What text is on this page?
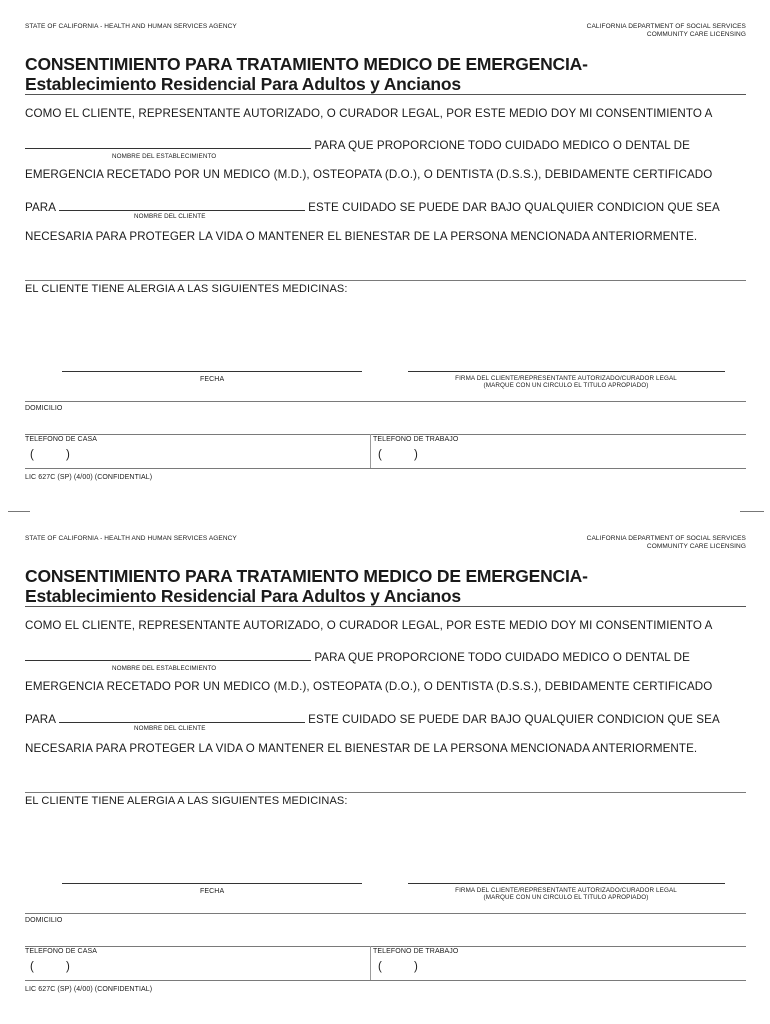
STATE OF CALIFORNIA - HEALTH AND HUMAN SERVICES AGENCY	CALIFORNIA DEPARTMENT OF SOCIAL SERVICES
COMMUNITY CARE LICENSING
CONSENTIMIENTO PARA TRATAMIENTO MEDICO DE EMERGENCIA-
Establecimiento Residencial Para Adultos y Ancianos
COMO EL CLIENTE, REPRESENTANTE AUTORIZADO, O CURADOR LEGAL, POR ESTE MEDIO DOY MI CONSENTIMIENTO A
PARA QUE PROPORCIONE TODO CUIDADO MEDICO O DENTAL DE
NOMBRE DEL ESTABLECIMIENTO
EMERGENCIA RECETADO POR UN MEDICO (M.D.), OSTEOPATA (D.O.), O DENTISTA (D.S.S.), DEBIDAMENTE CERTIFICADO
PARA	ESTE CUIDADO SE PUEDE DAR BAJO QUALQUIER CONDICION QUE SEA
NOMBRE DEL CLIENTE
NECESARIA PARA PROTEGER LA VIDA O MANTENER EL BIENESTAR DE LA PERSONA MENCIONADA ANTERIORMENTE.
EL CLIENTE TIENE ALERGIA A LAS SIGUIENTES MEDICINAS:
FECHA	FIRMA DEL CLIENTE/REPRESENTANTE AUTORIZADO/CURADOR LEGAL
(MARQUE CON UN CIRCULO EL TITULO APROPIADO)
DOMICILIO
TELEFONO DE CASA	TELEFONO DE TRABAJO
(	)	(	)
LIC 627C (SP) (4/00) (CONFIDENTIAL)
STATE OF CALIFORNIA - HEALTH AND HUMAN SERVICES AGENCY	CALIFORNIA DEPARTMENT OF SOCIAL SERVICES
COMMUNITY CARE LICENSING
CONSENTIMIENTO PARA TRATAMIENTO MEDICO DE EMERGENCIA-
Establecimiento Residencial Para Adultos y Ancianos
COMO EL CLIENTE, REPRESENTANTE AUTORIZADO, O CURADOR LEGAL, POR ESTE MEDIO DOY MI CONSENTIMIENTO A
PARA QUE PROPORCIONE TODO CUIDADO MEDICO O DENTAL DE
NOMBRE DEL ESTABLECIMIENTO
EMERGENCIA RECETADO POR UN MEDICO (M.D.), OSTEOPATA (D.O.), O DENTISTA (D.S.S.), DEBIDAMENTE CERTIFICADO
PARA	ESTE CUIDADO SE PUEDE DAR BAJO QUALQUIER CONDICION QUE SEA
NOMBRE DEL CLIENTE
NECESARIA PARA PROTEGER LA VIDA O MANTENER EL BIENESTAR DE LA PERSONA MENCIONADA ANTERIORMENTE.
EL CLIENTE TIENE ALERGIA A LAS SIGUIENTES MEDICINAS:
FECHA	FIRMA DEL CLIENTE/REPRESENTANTE AUTORIZADO/CURADOR LEGAL
(MARQUE CON UN CIRCULO EL TITULO APROPIADO)
DOMICILIO
TELEFONO DE CASA	TELEFONO DE TRABAJO
(	)	(	)
LIC 627C (SP) (4/00) (CONFIDENTIAL)
